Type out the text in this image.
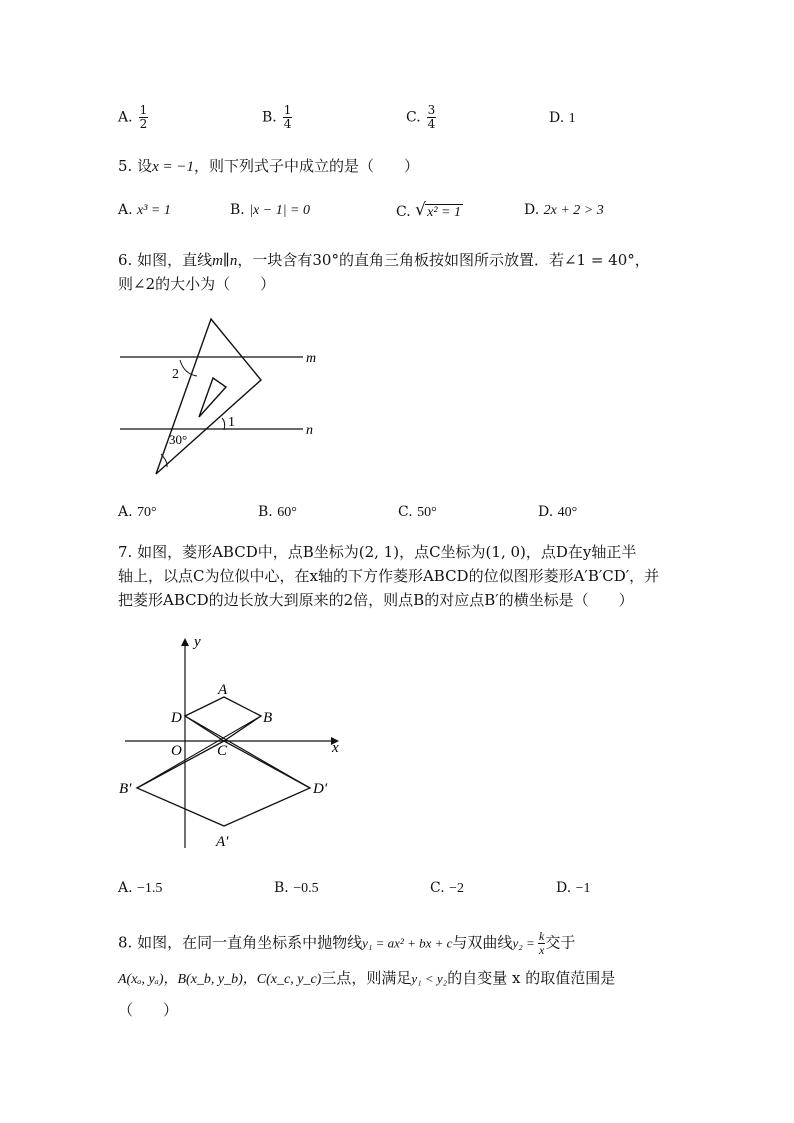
A. $\frac{1}{2}$	B. $\frac{1}{4}$	C. $\frac{3}{4}$	D. 1
5. 设x = −1，则下列式子中成立的是（　　）
A. x³ = 1	B. |x − 1| = 0	C. √ x² = 1	D. 2x + 2 > 3
6. 如图，直线m∥n，一块含有30°的直角三角板按如图所示放置．若∠1 = 40°，
则∠2的大小为（　　）
m
n
2
1
30°
A. 70°	B. 60°	C. 50°	D. 40°
7. 如图，菱形ABCD中，点B坐标为(2, 1)，点C坐标为(1, 0)，点D在y轴正半
轴上，以点C为位似中心，在x轴的下方作菱形ABCD的位似图形菱形A′B′CD′，并
把菱形ABCD的边长放大到原来的2倍，则点B的对应点B′的横坐标是（　　）
y
x
O
A
B
C
D
A′
B′	D′
A. −1.5	B. −0.5	C. −2	D. −1
8. 如图，在同一直角坐标系中抛物线y₁ = ax² + bx + c与双曲线$y_2 = \frac{k}{x}$ 交于
A(xₐ, yₐ)，B(x_b, y_b)，C(x_c, y_c)三点，则满足y₁ < y₂的自变量 x 的取值范围是
（　　）
